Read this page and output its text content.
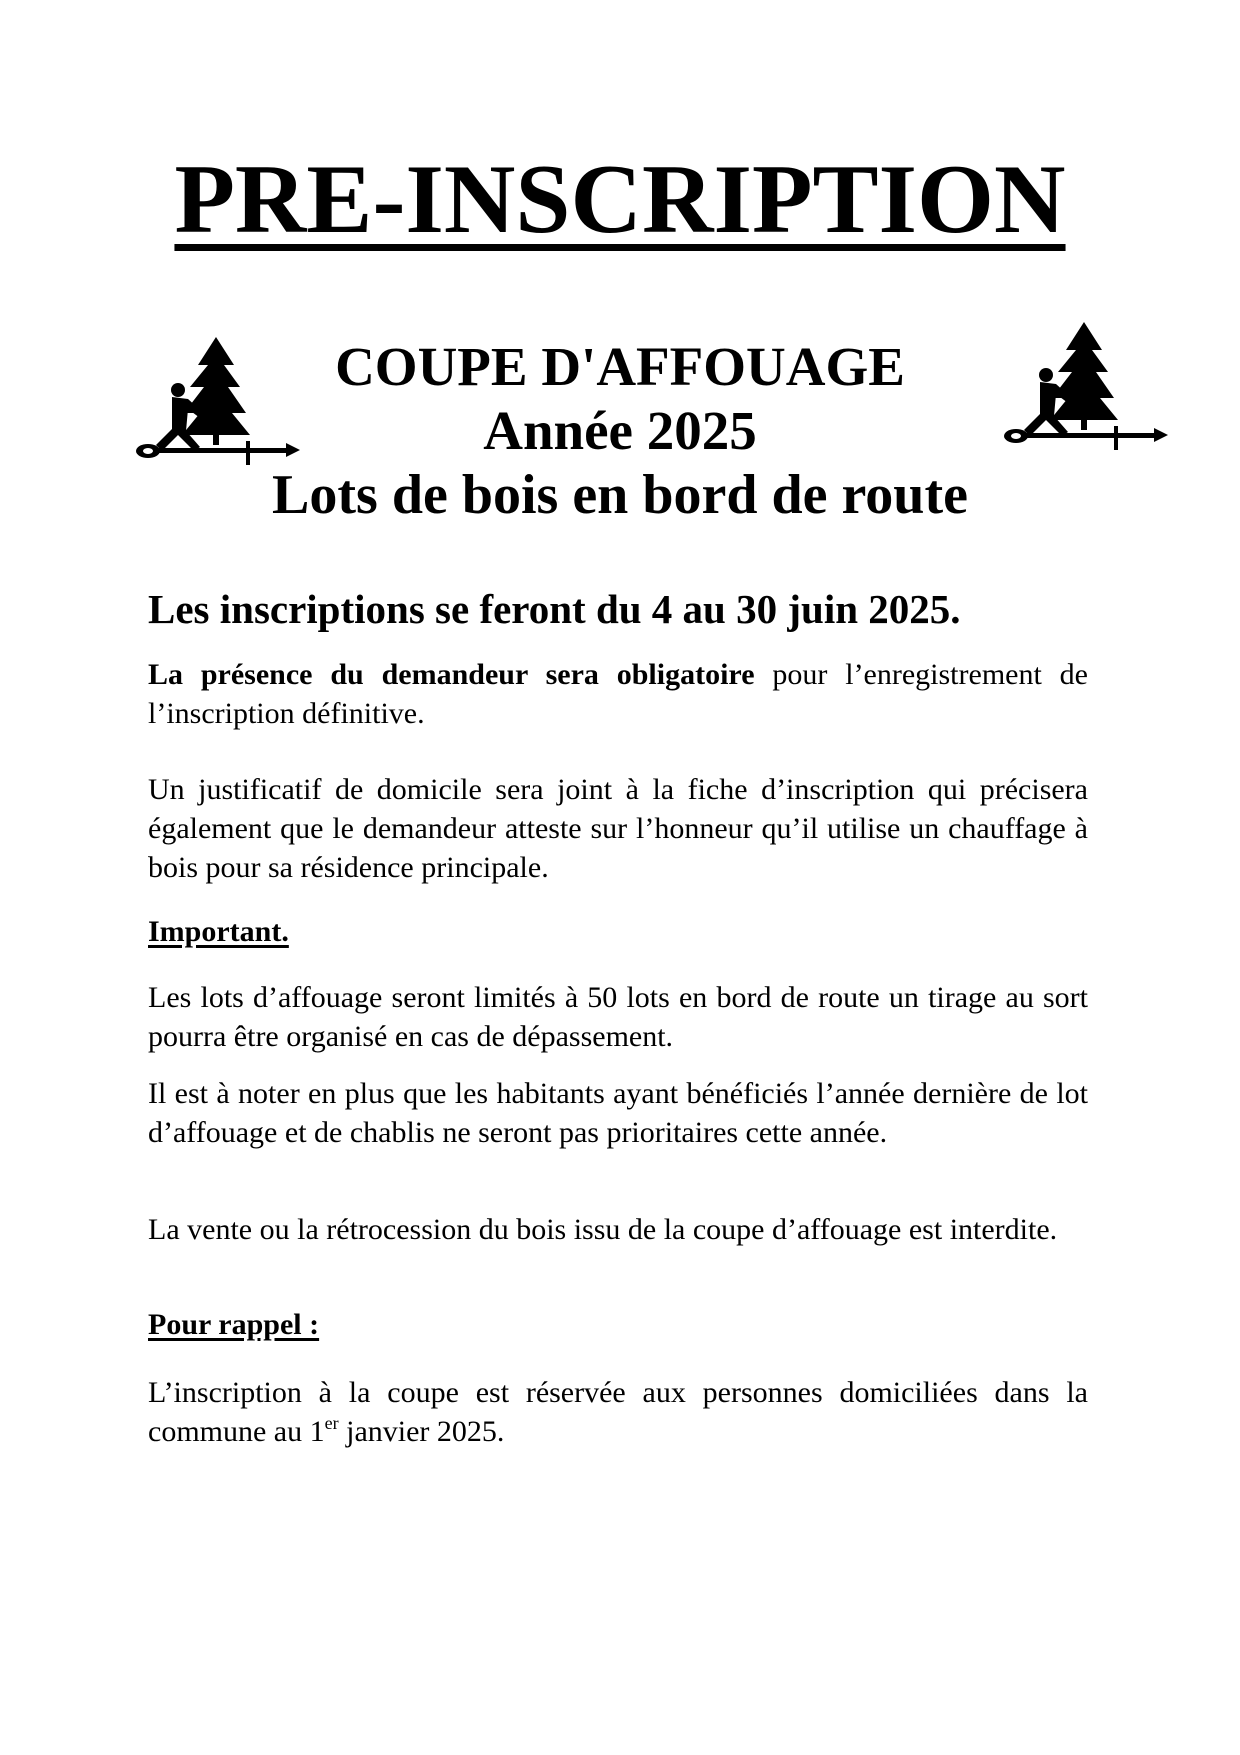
PRE-INSCRIPTION

COUPE D'AFFOUAGE

Année 2025

Lots de bois en bord de route

Les inscriptions se feront du 4 au 30 juin 2025.

La présence du demandeur sera obligatoire pour l’enregistrement de l’inscription définitive.

Un justificatif de domicile sera joint à la fiche d’inscription qui précisera également que le demandeur atteste sur l’honneur qu’il utilise un chauffage à bois pour sa résidence principale.

Important.

Les lots d’affouage seront limités à 50 lots en bord de route un tirage au sort pourra être organisé en cas de dépassement.

Il est à noter en plus que les habitants ayant bénéficiés l’année dernière de lot d’affouage et de chablis ne seront pas prioritaires cette année.

La vente ou la rétrocession du bois issu de la coupe d’affouage est interdite.

Pour rappel :

L’inscription à la coupe est réservée aux personnes domiciliées dans la commune au 1er janvier 2025.
